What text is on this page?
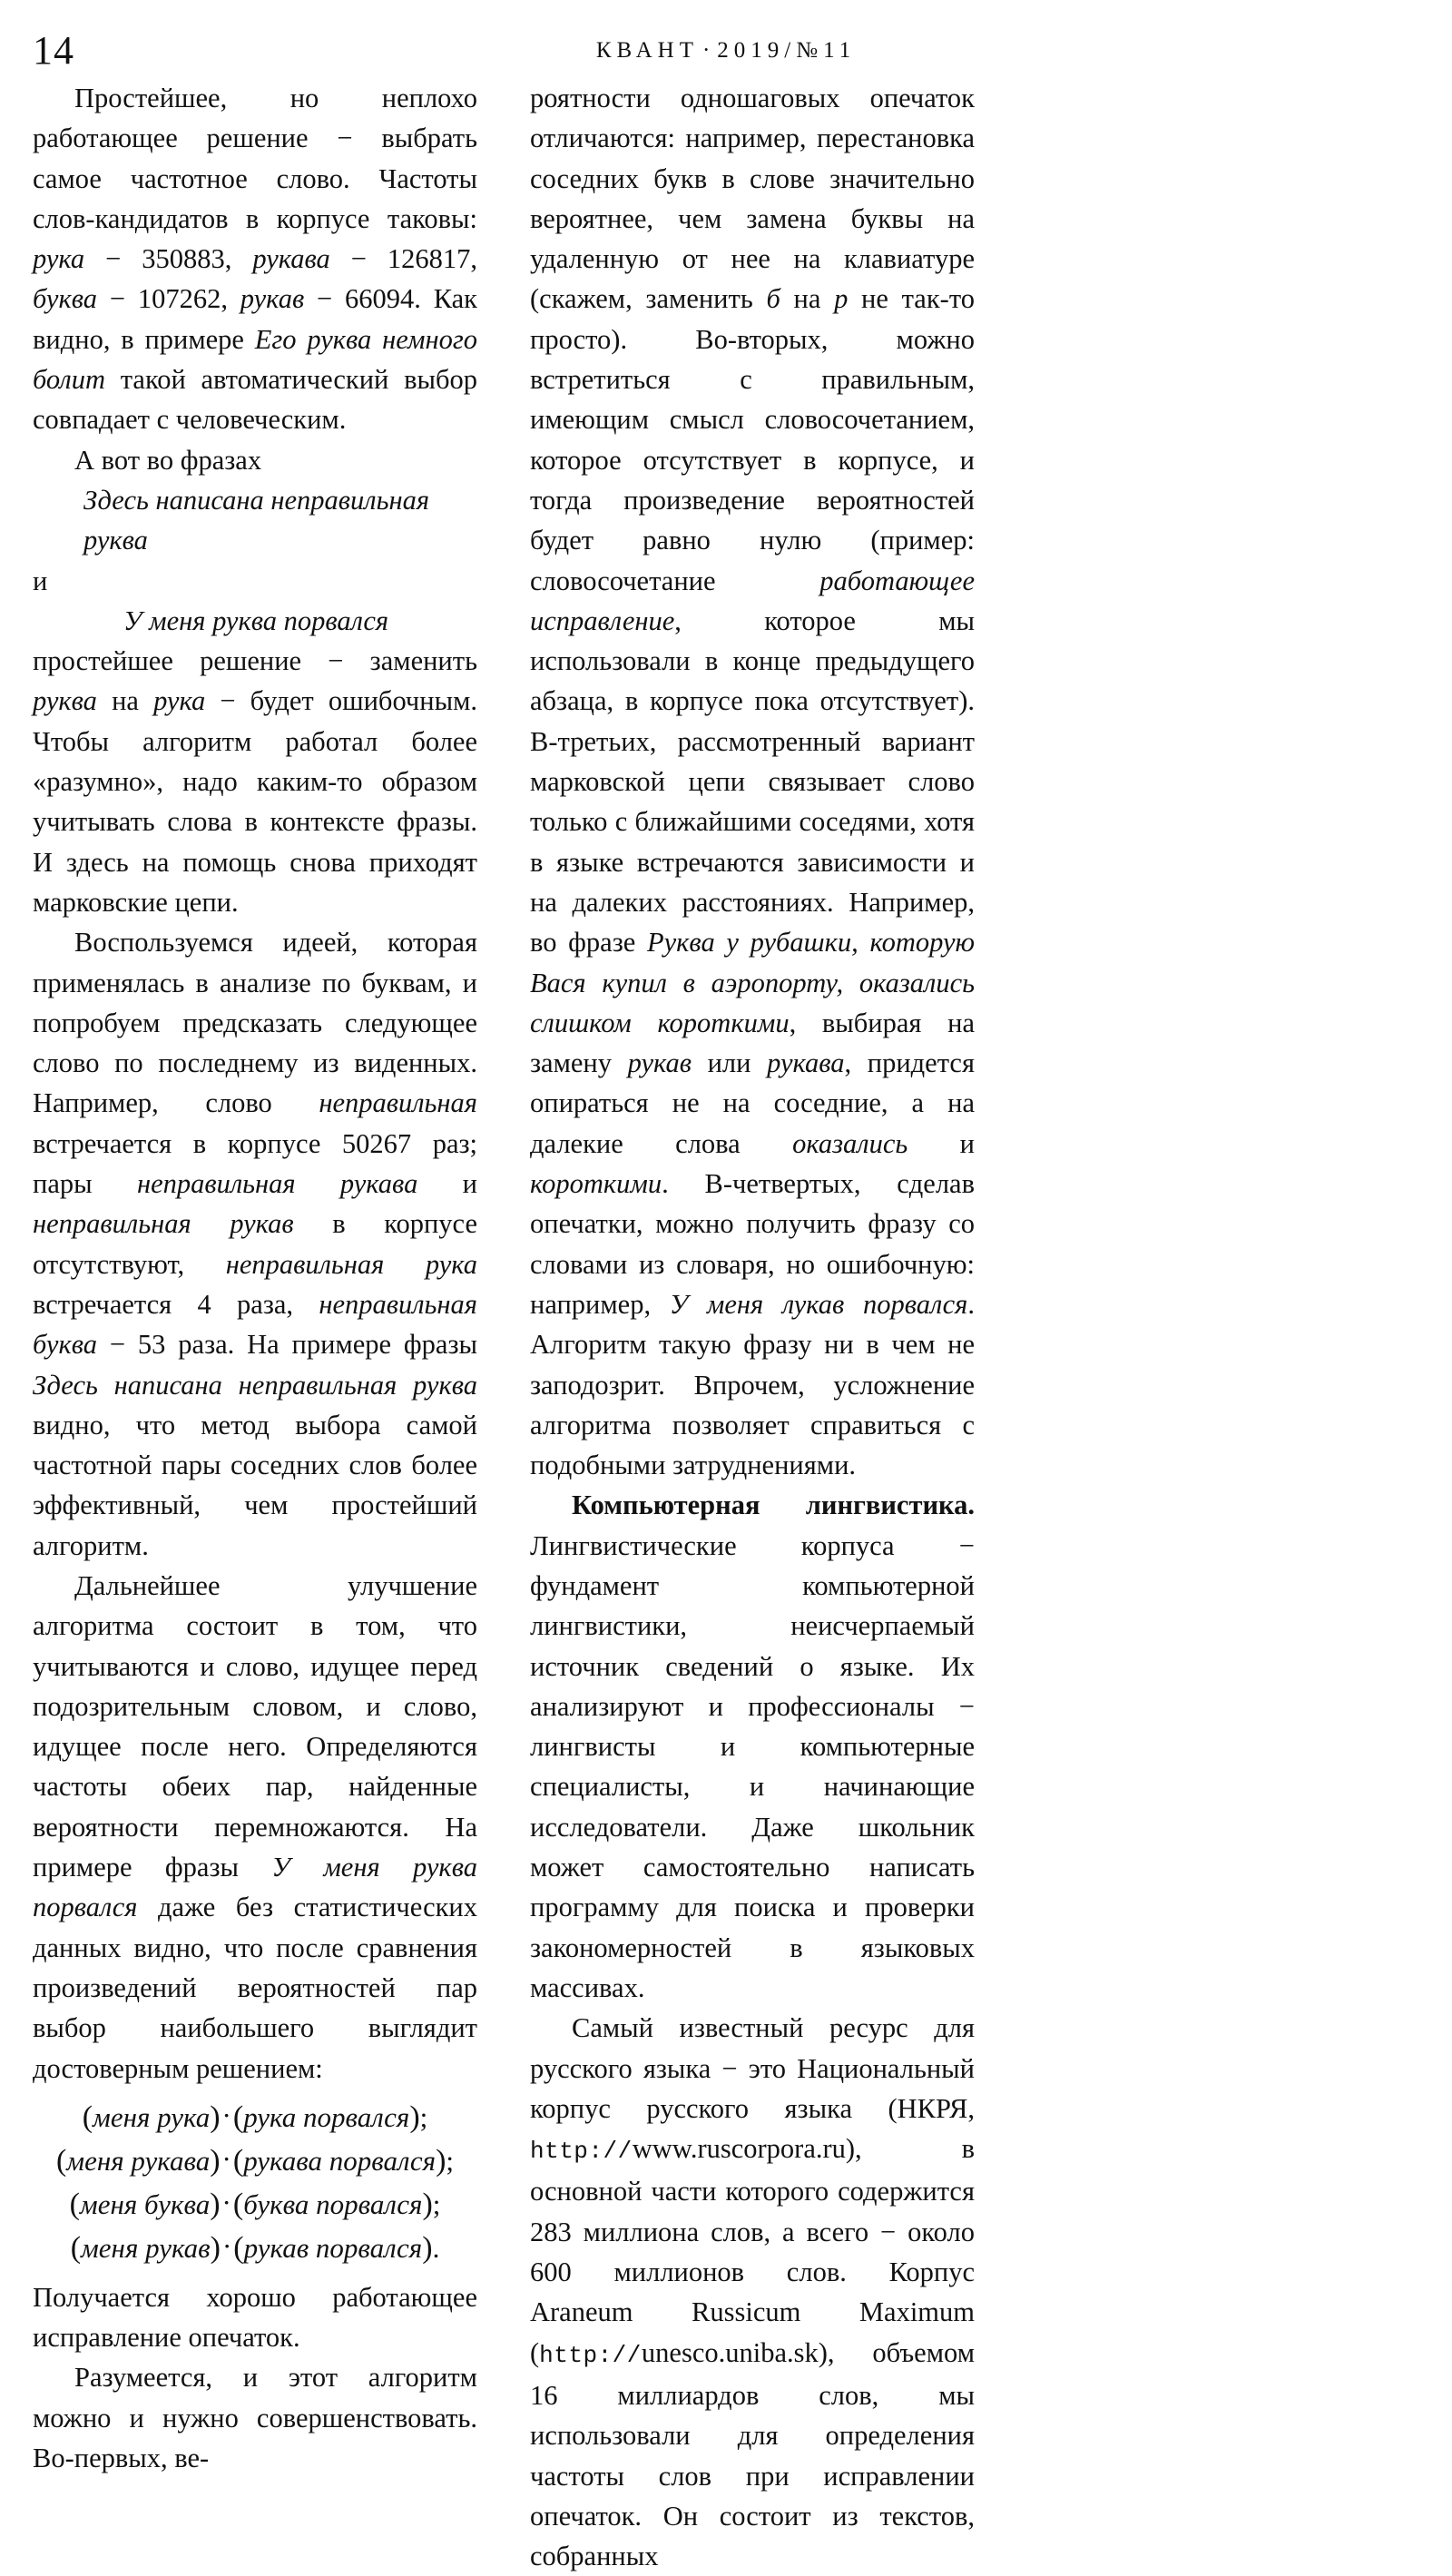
14	КВАНТ · 2019/№11

Простейшее, но неплохо работающее решение − выбрать самое частотное слово. Частоты слов-кандидатов в корпусе таковы: рука − 350883, рукава − 126817, буква − 107262, рукав − 66094. Как видно, в примере Его руква немного болит такой автоматический выбор совпадает с человеческим.

А вот во фразах

Здесь написана неправильная руква

и

У меня руква порвался

простейшее решение − заменить руква на рука − будет ошибочным. Чтобы алгоритм работал более «разумно», надо каким-то образом учитывать слова в контексте фразы. И здесь на помощь снова приходят марковские цепи.

Воспользуемся идеей, которая применялась в анализе по буквам, и попробуем предсказать следующее слово по последнему из виденных. Например, слово неправильная встречается в корпусе 50267 раз; пары неправильная рукава и неправильная рукав в корпусе отсутствуют, неправильная рука встречается 4 раза, неправильная буква − 53 раза. На примере фразы Здесь написана неправильная руква видно, что метод выбора самой частотной пары соседних слов более эффективный, чем простейший алгоритм.

Дальнейшее улучшение алгоритма состоит в том, что учитываются и слово, идущее перед подозрительным словом, и слово, идущее после него. Определяются частоты обеих пар, найденные вероятности перемножаются. На примере фразы У меня руква порвался даже без статистических данных видно, что после сравнения произведений вероятностей пар выбор наибольшего выглядит достоверным решением:

(меня рука)·(рука порвался);

(меня рукава)·(рукава порвался);

(меня буква)·(буква порвался);

(меня рукав)·(рукав порвался).

Получается хорошо работающее исправление опечаток.

Разумеется, и этот алгоритм можно и нужно совершенствовать. Во-первых, ве-

роятности одношаговых опечаток отличаются: например, перестановка соседних букв в слове значительно вероятнее, чем замена буквы на удаленную от нее на клавиатуре (скажем, заменить б на р не так-то просто). Во-вторых, можно встретиться с правильным, имеющим смысл словосочетанием, которое отсутствует в корпусе, и тогда произведение вероятностей будет равно нулю (пример: словосочетание работающее исправление, которое мы использовали в конце предыдущего абзаца, в корпусе пока отсутствует). В-третьих, рассмотренный вариант марковской цепи связывает слово только с ближайшими соседями, хотя в языке встречаются зависимости и на далеких расстояниях. Например, во фразе Руква у рубашки, которую Вася купил в аэропорту, оказались слишком короткими, выбирая на замену рукав или рукава, придется опираться не на соседние, а на далекие слова оказались и короткими. В-четвертых, сделав опечатки, можно получить фразу со словами из словаря, но ошибочную: например, У меня лукав порвался. Алгоритм такую фразу ни в чем не заподозрит. Впрочем, усложнение алгоритма позволяет справиться с подобными затруднениями.

Компьютерная лингвистика. Лингвистические корпуса − фундамент компьютерной лингвистики, неисчерпаемый источник сведений о языке. Их анализируют и профессионалы − лингвисты и компьютерные специалисты, и начинающие исследователи. Даже школьник может самостоятельно написать программу для поиска и проверки закономерностей в языковых массивах.

Самый известный ресурс для русского языка − это Национальный корпус русского языка (НКРЯ, http://www.ruscorpora.ru), в основной части которого содержится 283 миллиона слов, а всего − около 600 миллионов слов. Корпус Araneum Russicum Maximum (http://unesco.uniba.sk), объемом 16 миллиардов слов, мы использовали для определения частоты слов при исправлении опечаток. Он состоит из текстов, собранных
